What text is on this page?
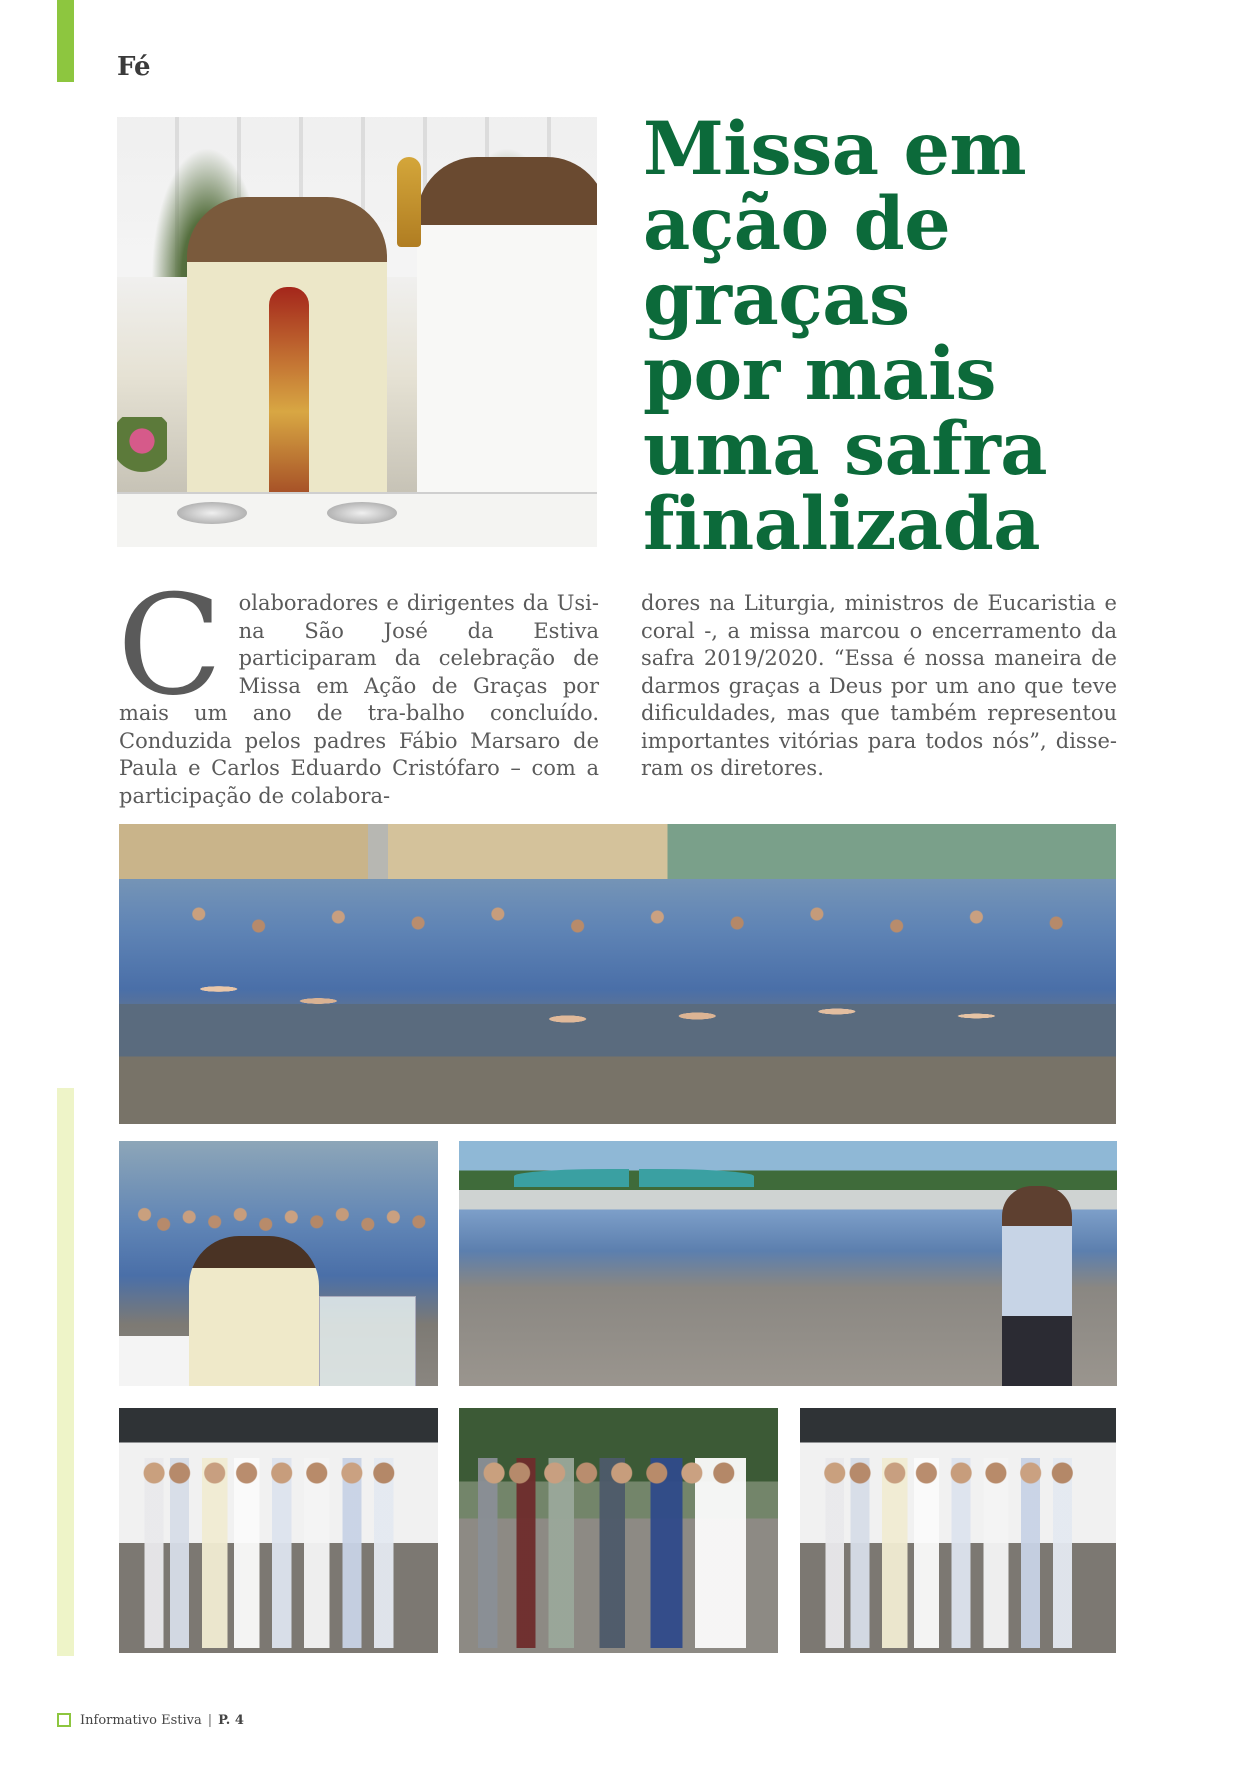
Fé
Missa em
ação de
graças
por mais
uma safra
finalizada

Colaboradores e dirigentes da Usi-na São José da Estiva participaram da celebração de Missa em Ação de Graças por mais um ano de tra-balho concluído. Conduzida pelos padres Fábio Marsaro de Paula e Carlos Eduardo Cristófaro – com a participação de colabora-

dores na Liturgia, ministros de Eucaristia e coral -, a missa marcou o encerramento da safra 2019/2020. “Essa é nossa maneira de darmos graças a Deus por um ano que teve dificuldades, mas que também representou importantes vitórias para todos nós”, disse-ram os diretores.

Informativo Estiva | P. 4
